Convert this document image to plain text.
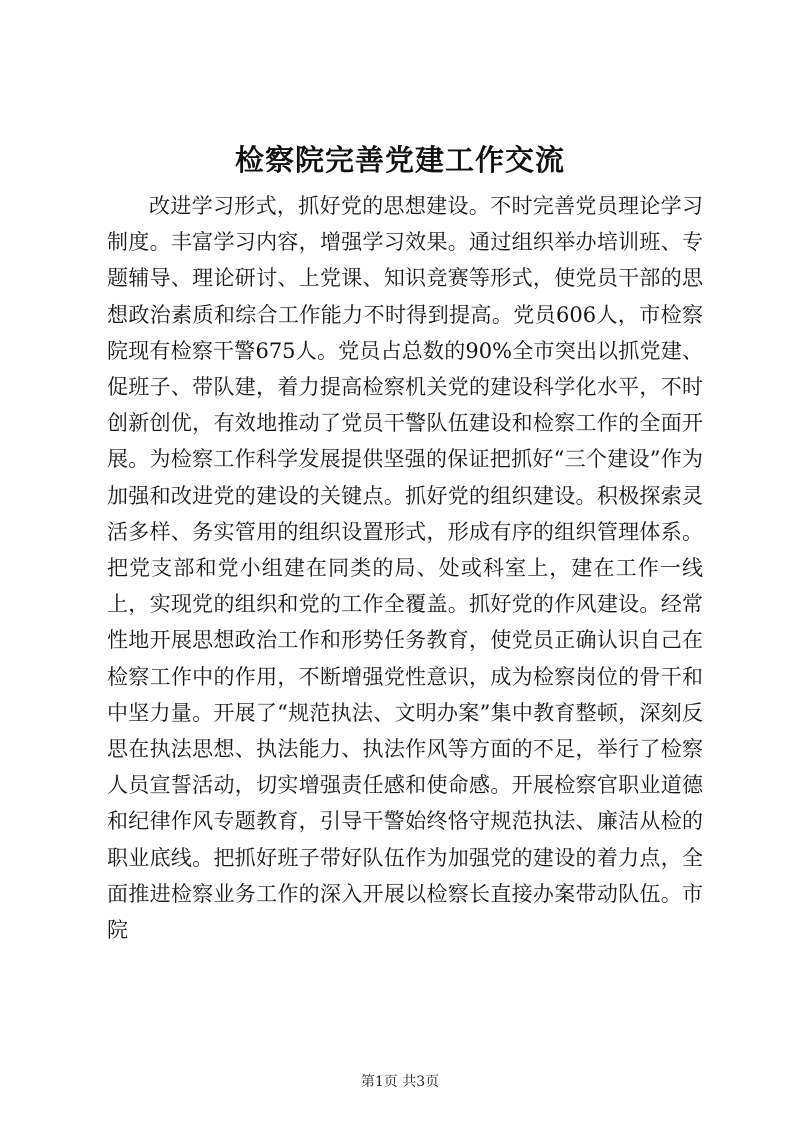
检察院完善党建工作交流

改进学习形式，抓好党的思想建设。不时完善党员理论学习制度。丰富学习内容，增强学习效果。通过组织举办培训班、专题辅导、理论研讨、上党课、知识竞赛等形式，使党员干部的思想政治素质和综合工作能力不时得到提高。党员606人，市检察院现有检察干警675人。党员占总数的90%全市突出以抓党建、促班子、带队建，着力提高检察机关党的建设科学化水平，不时创新创优，有效地推动了党员干警队伍建设和检察工作的全面开展。为检察工作科学发展提供坚强的保证把抓好“三个建设”作为加强和改进党的建设的关键点。抓好党的组织建设。积极探索灵活多样、务实管用的组织设置形式，形成有序的组织管理体系。把党支部和党小组建在同类的局、处或科室上，建在工作一线上，实现党的组织和党的工作全覆盖。抓好党的作风建设。经常性地开展思想政治工作和形势任务教育，使党员正确认识自己在检察工作中的作用，不断增强党性意识，成为检察岗位的骨干和中坚力量。开展了“规范执法、文明办案”集中教育整顿，深刻反思在执法思想、执法能力、执法作风等方面的不足，举行了检察人员宣誓活动，切实增强责任感和使命感。开展检察官职业道德和纪律作风专题教育，引导干警始终恪守规范执法、廉洁从检的职业底线。把抓好班子带好队伍作为加强党的建设的着力点，全面推进检察业务工作的深入开展以检察长直接办案带动队伍。市院

第1页 共3页
